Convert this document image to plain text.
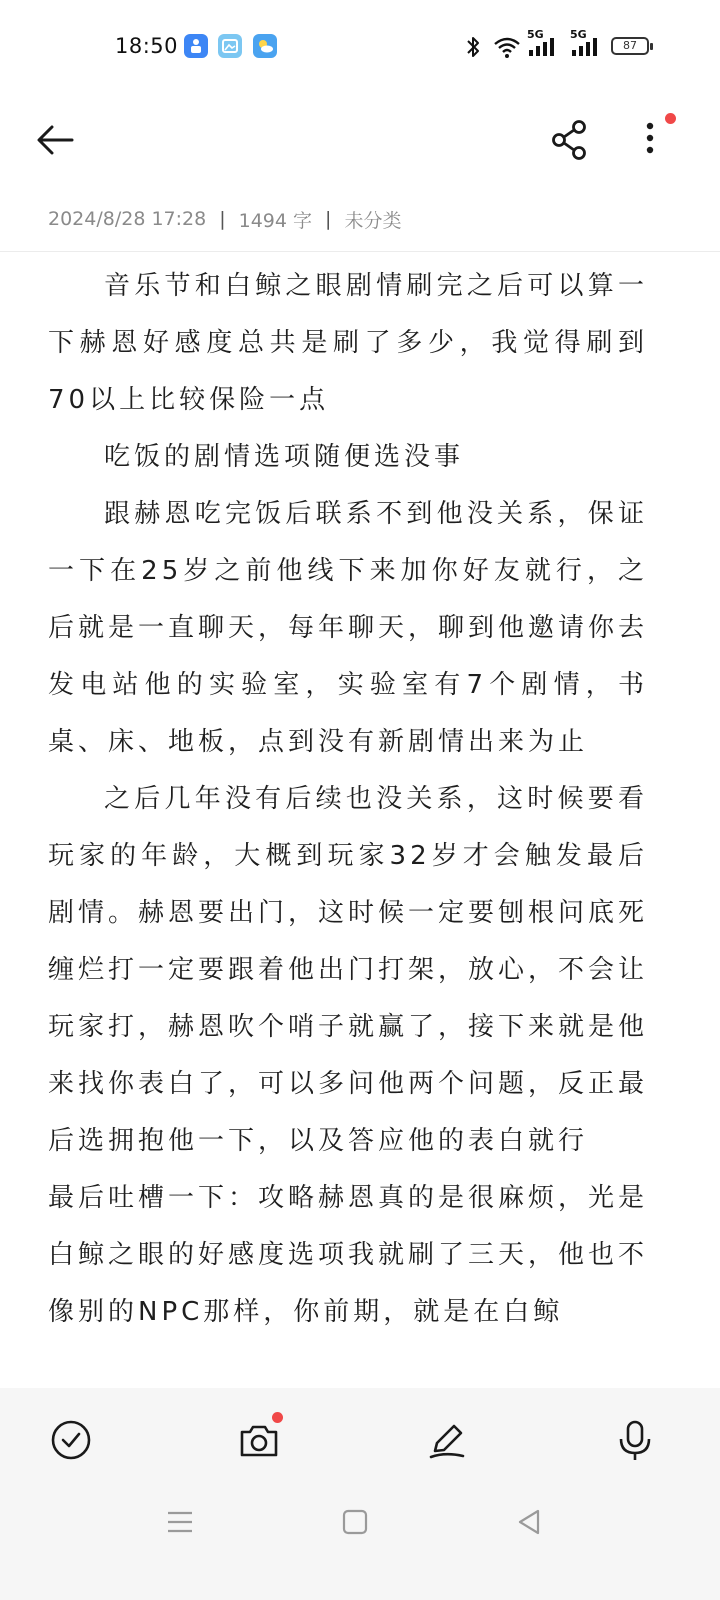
18:50	5G 5G
87
2024/8/28 17:28 | 1494 字 | 未分类

音乐节和白鲸之眼剧情刷完之后可以算一下赫恩好感度总共是刷了多少，我觉得刷到70以上比较保险一点

吃饭的剧情选项随便选没事

跟赫恩吃完饭后联系不到他没关系，保证一下在25岁之前他线下来加你好友就行，之后就是一直聊天，每年聊天，聊到他邀请你去发电站他的实验室，实验室有7个剧情，书桌、床、地板，点到没有新剧情出来为止

之后几年没有后续也没关系，这时候要看玩家的年龄，大概到玩家32岁才会触发最后剧情。赫恩要出门，这时候一定要刨根问底死缠烂打一定要跟着他出门打架，放心，不会让玩家打，赫恩吹个哨子就赢了，接下来就是他来找你表白了，可以多问他两个问题，反正最后选拥抱他一下，以及答应他的表白就行

最后吐槽一下：攻略赫恩真的是很麻烦，光是白鲸之眼的好感度选项我就刷了三天，他也不像别的NPC那样，你前期，就是在白鲸
